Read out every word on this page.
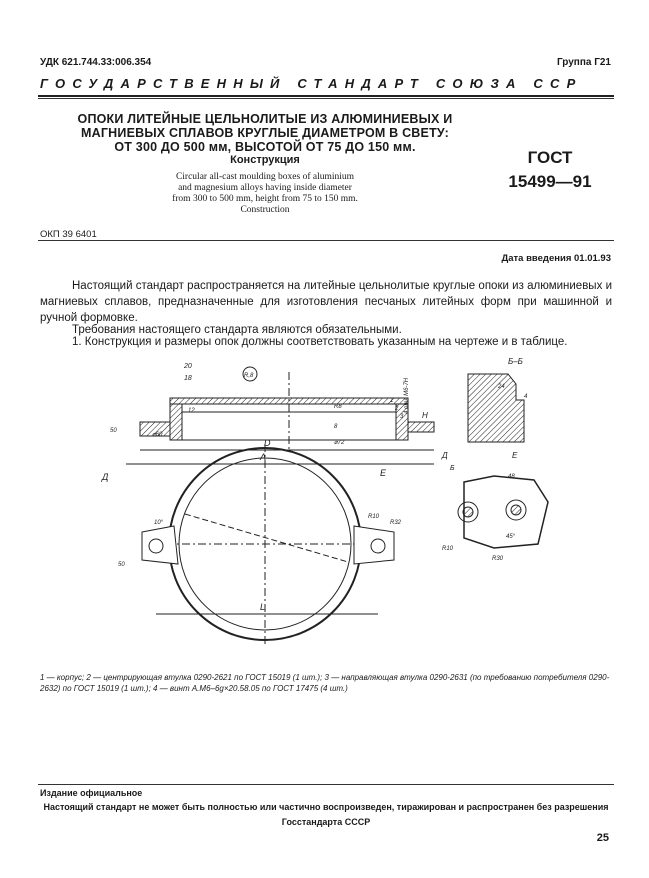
УДК 621.744.33:006.354	Группа Г21
ГОСУДАРСТВЕННЫЙ СТАНДАРТ СОЮЗА ССР
ОПОКИ ЛИТЕЙНЫЕ ЦЕЛЬНОЛИТЫЕ ИЗ АЛЮМИНИЕВЫХ И
МАГНИЕВЫХ СПЛАВОВ КРУГЛЫЕ ДИАМЕТРОМ В СВЕТУ:
ОТ 300 ДО 500 мм, ВЫСОТОЙ ОТ 75 ДО 150 мм.
Конструкция
Circular all-cast moulding boxes of aluminium
and magnesium alloys having inside diameter
from 300 to 500 mm, height from 75 to 150 mm.
Construction
ГОСТ
15499—91
ОКП 39 6401
Дата введения 01.01.93
Настоящий стандарт распространяется на литейные цельнолитые круглые опоки из алюминиевых и магниевых сплавов, предназначенные для изготовления песчаных литейных форм при машинной и ручной формовке.
Требования настоящего стандарта являются обязательными.
1. Конструкция и размеры опок должны соответствовать указанным на чертеже и в таблице.
R,8
D
А
20
18
12
⌀60
50
R8
8
⌀72
1
2
3 H
Д	Е
L
10°
50
R10
R32
Б–Б
4
24
4 отв М6-7Н
Д	Е
Б
48
R10
R30
45°
1 — корпус; 2 — центрирующая втулка 0290-2621 по ГОСТ 15019 (1 шт.); 3 — направляющая втулка 0290-2631 (по требованию потребителя 0290-2632) по ГОСТ 15019 (1 шт.); 4 — винт А.М6–6g×20.58.05 по ГОСТ 17475 (4 шт.)
Издание официальное
Настоящий стандарт не может быть полностью или частично воспроизведен, тиражирован и распространен без разрешения Госстандарта СССР
25
